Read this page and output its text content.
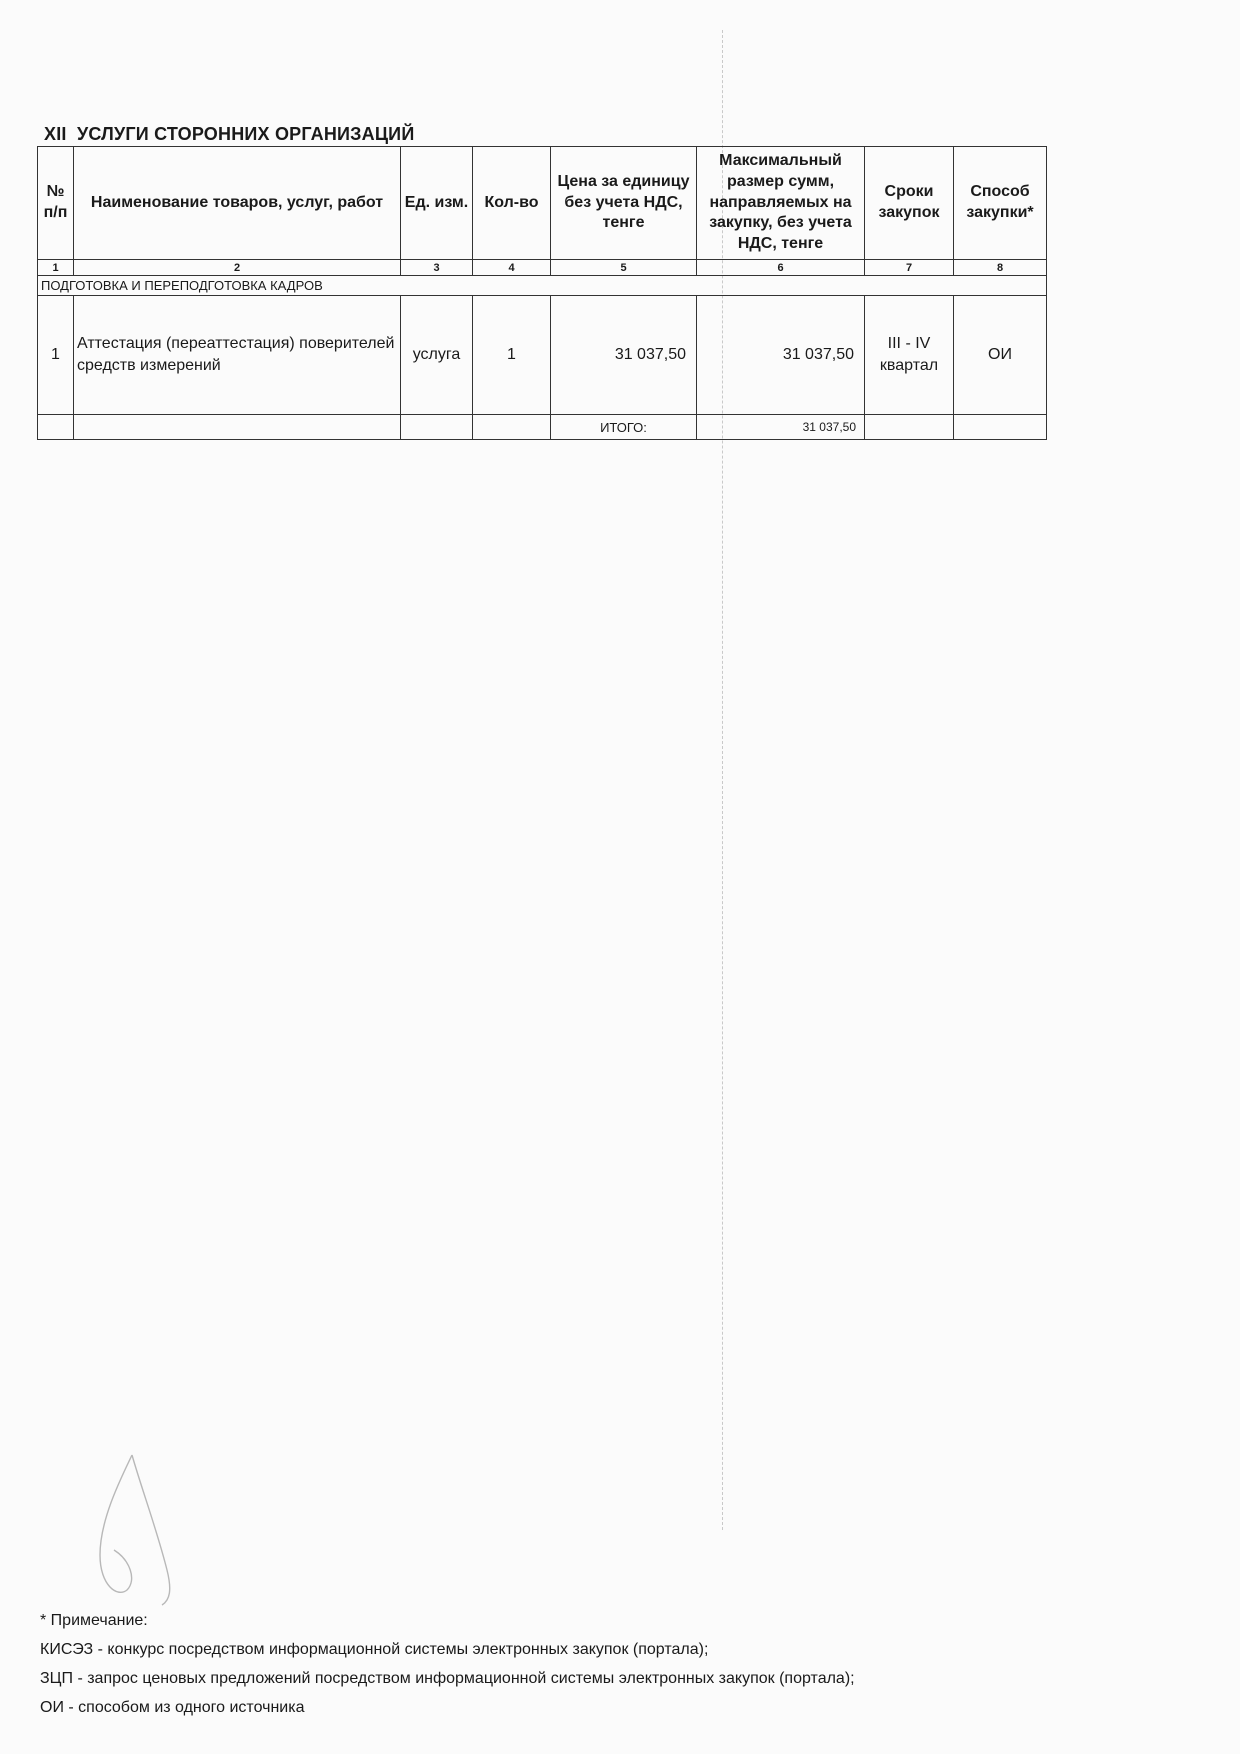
XII УСЛУГИ СТОРОННИХ ОРГАНИЗАЦИЙ
№ п/п	Наименование товаров, услуг, работ	Ед. изм.	Кол-во	Цена за единицу без учета НДС, тенге	Максимальный размер сумм, направляемых на закупку, без учета НДС, тенге	Сроки закупок	Способ закупки*
1	2	3	4	5	6	7	8
ПОДГОТОВКА И ПЕРЕПОДГОТОВКА КАДРОВ							
1	Аттестация (переаттестация) поверителей средств измерений	услуга	1	31 037,50	31 037,50	III - IV квартал	ОИ
				ИТОГО:	31 037,50		
* Примечание:
КИСЭЗ - конкурс посредством информационной системы электронных закупок (портала);
ЗЦП - запрос ценовых предложений посредством информационной системы электронных закупок (портала);
ОИ - способом из одного источника
